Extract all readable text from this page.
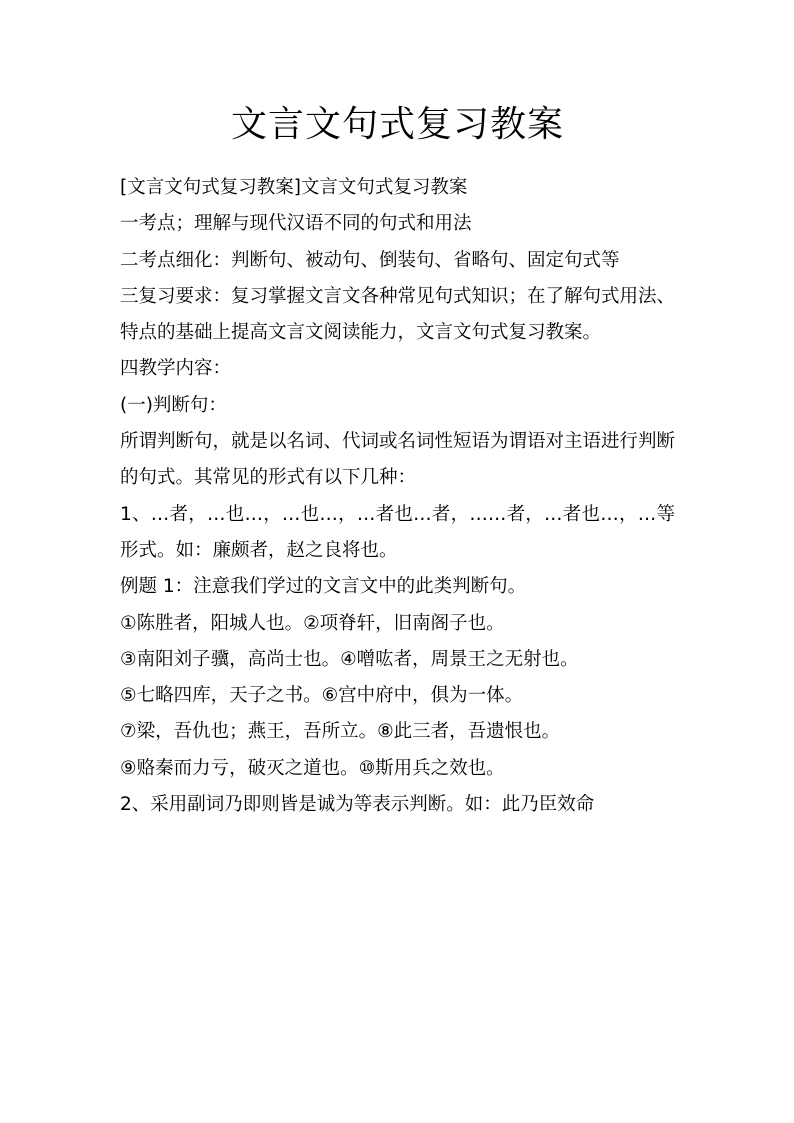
文言文句式复习教案

[文言文句式复习教案]文言文句式复习教案

一考点；理解与现代汉语不同的句式和用法

二考点细化：判断句、被动句、倒装句、省略句、固定句式等

三复习要求：复习掌握文言文各种常见句式知识；在了解句式用法、特点的基础上提高文言文阅读能力，文言文句式复习教案。

四教学内容：

(一)判断句：

所谓判断句，就是以名词、代词或名词性短语为谓语对主语进行判断的句式。其常见的形式有以下几种：

1、…者，…也…，…也…，…者也…者，……者，…者也…，…等形式。如：廉颇者，赵之良将也。

例题 1：注意我们学过的文言文中的此类判断句。

①陈胜者，阳城人也。②项脊轩，旧南阁子也。

③南阳刘子骥，高尚士也。④噌吰者，周景王之无射也。

⑤七略四库，天子之书。⑥宫中府中，俱为一体。

⑦梁，吾仇也；燕王，吾所立。⑧此三者，吾遗恨也。

⑨赂秦而力亏，破灭之道也。⑩斯用兵之效也。

2、采用副词乃即则皆是诚为等表示判断。如：此乃臣效命
